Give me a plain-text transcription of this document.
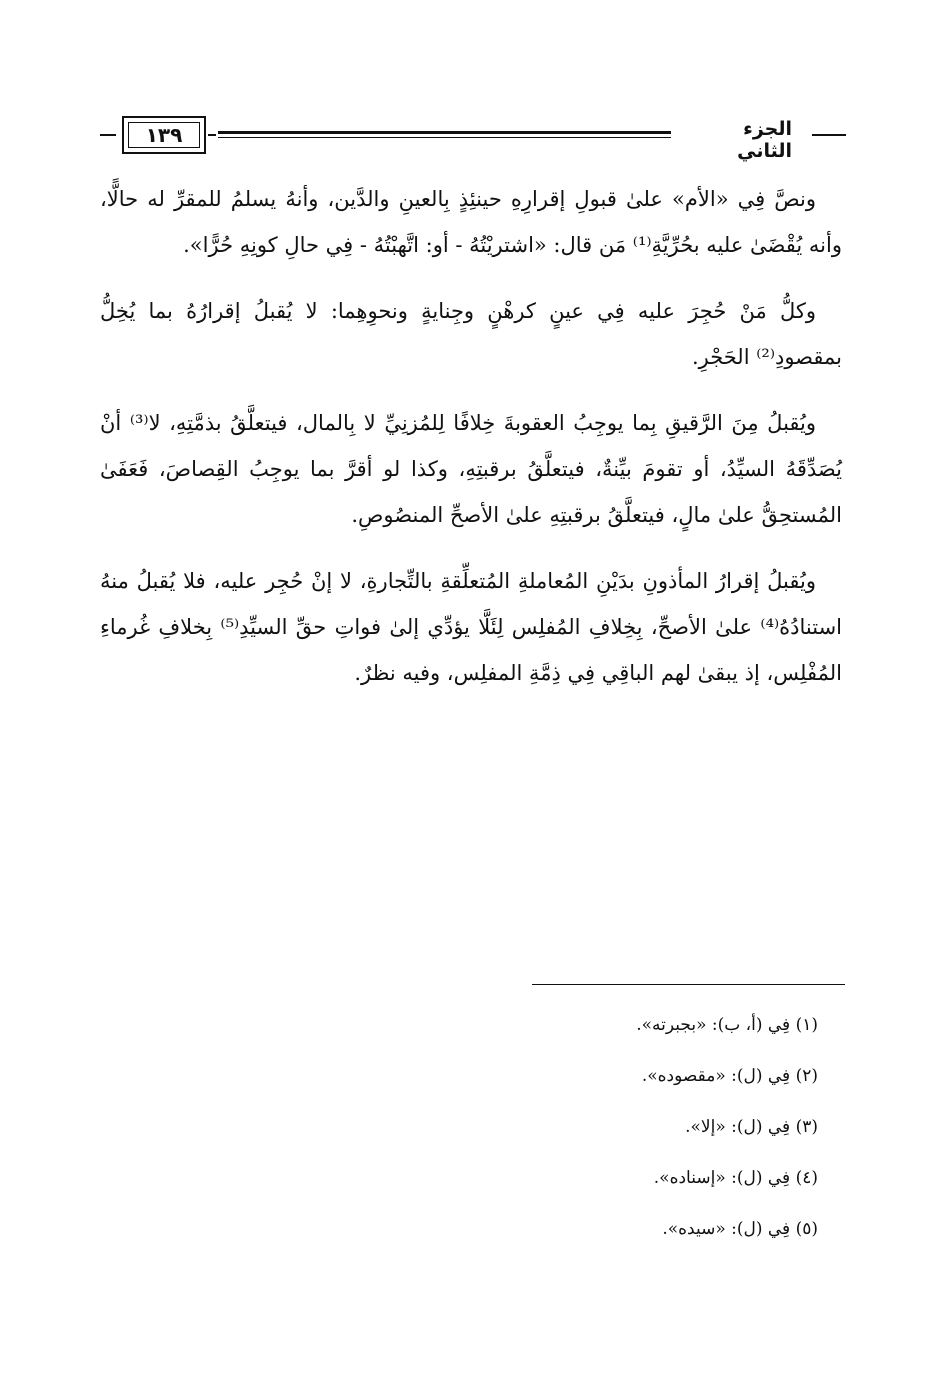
١٣٩	الجزء الثاني

ونصَّ فِي «الأم» علىٰ قبولِ إقرارِهِ حينئِذٍ بِالعينِ والدَّين، وأنهُ يسلمُ للمقرِّ له حالًّا، وأنه يُقْضَىٰ عليه بحُرِّيَّةِ⁽¹⁾ مَن قال: «اشتريْتُهُ - أو: اتَّهبْتُهُ - فِي حالِ كونِهِ حُرًّا».

وكلُّ مَنْ حُجِرَ عليه فِي عينٍ كرهْنٍ وجِنايةٍ ونحوِهِما: لا يُقبلُ إقرارُهُ بما يُخِلُّ بمقصودِ⁽²⁾ الحَجْرِ.

ويُقبلُ مِنَ الرَّقيقِ بِما يوجِبُ العقوبةَ خِلافًا لِلمُزنِيِّ لا بِالمال، فيتعلَّقُ بذمَّتِهِ، لا⁽³⁾ أنْ يُصَدِّقَهُ السيِّدُ، أو تقومَ بيِّنةٌ، فيتعلَّقُ برقبتِهِ، وكذا لو أقرَّ بما يوجِبُ القِصاصَ، فَعَفَىٰ المُستحِقُّ علىٰ مالٍ، فيتعلَّقُ برقبتِهِ علىٰ الأصحِّ المنصُوصِ.

ويُقبلُ إقرارُ المأذونِ بدَيْنِ المُعاملةِ المُتعلِّقةِ بالتِّجارةِ، لا إنْ حُجِر عليه، فلا يُقبلُ منهُ استنادُهُ⁽⁴⁾ علىٰ الأصحِّ، بِخِلافِ المُفلِس لِئَلَّا يؤدِّي إلىٰ فواتِ حقِّ السيِّدِ⁽⁵⁾ بِخلافِ غُرماءِ المُفْلِس، إذ يبقىٰ لهم الباقِي فِي ذِمَّةِ المفلِس، وفيه نظرٌ.

(١) فِي (أ، ب): «بجبرته».

(٢) فِي (ل): «مقصوده».

(٣) فِي (ل): «إلا».

(٤) فِي (ل): «إسناده».

(٥) فِي (ل): «سيده».
